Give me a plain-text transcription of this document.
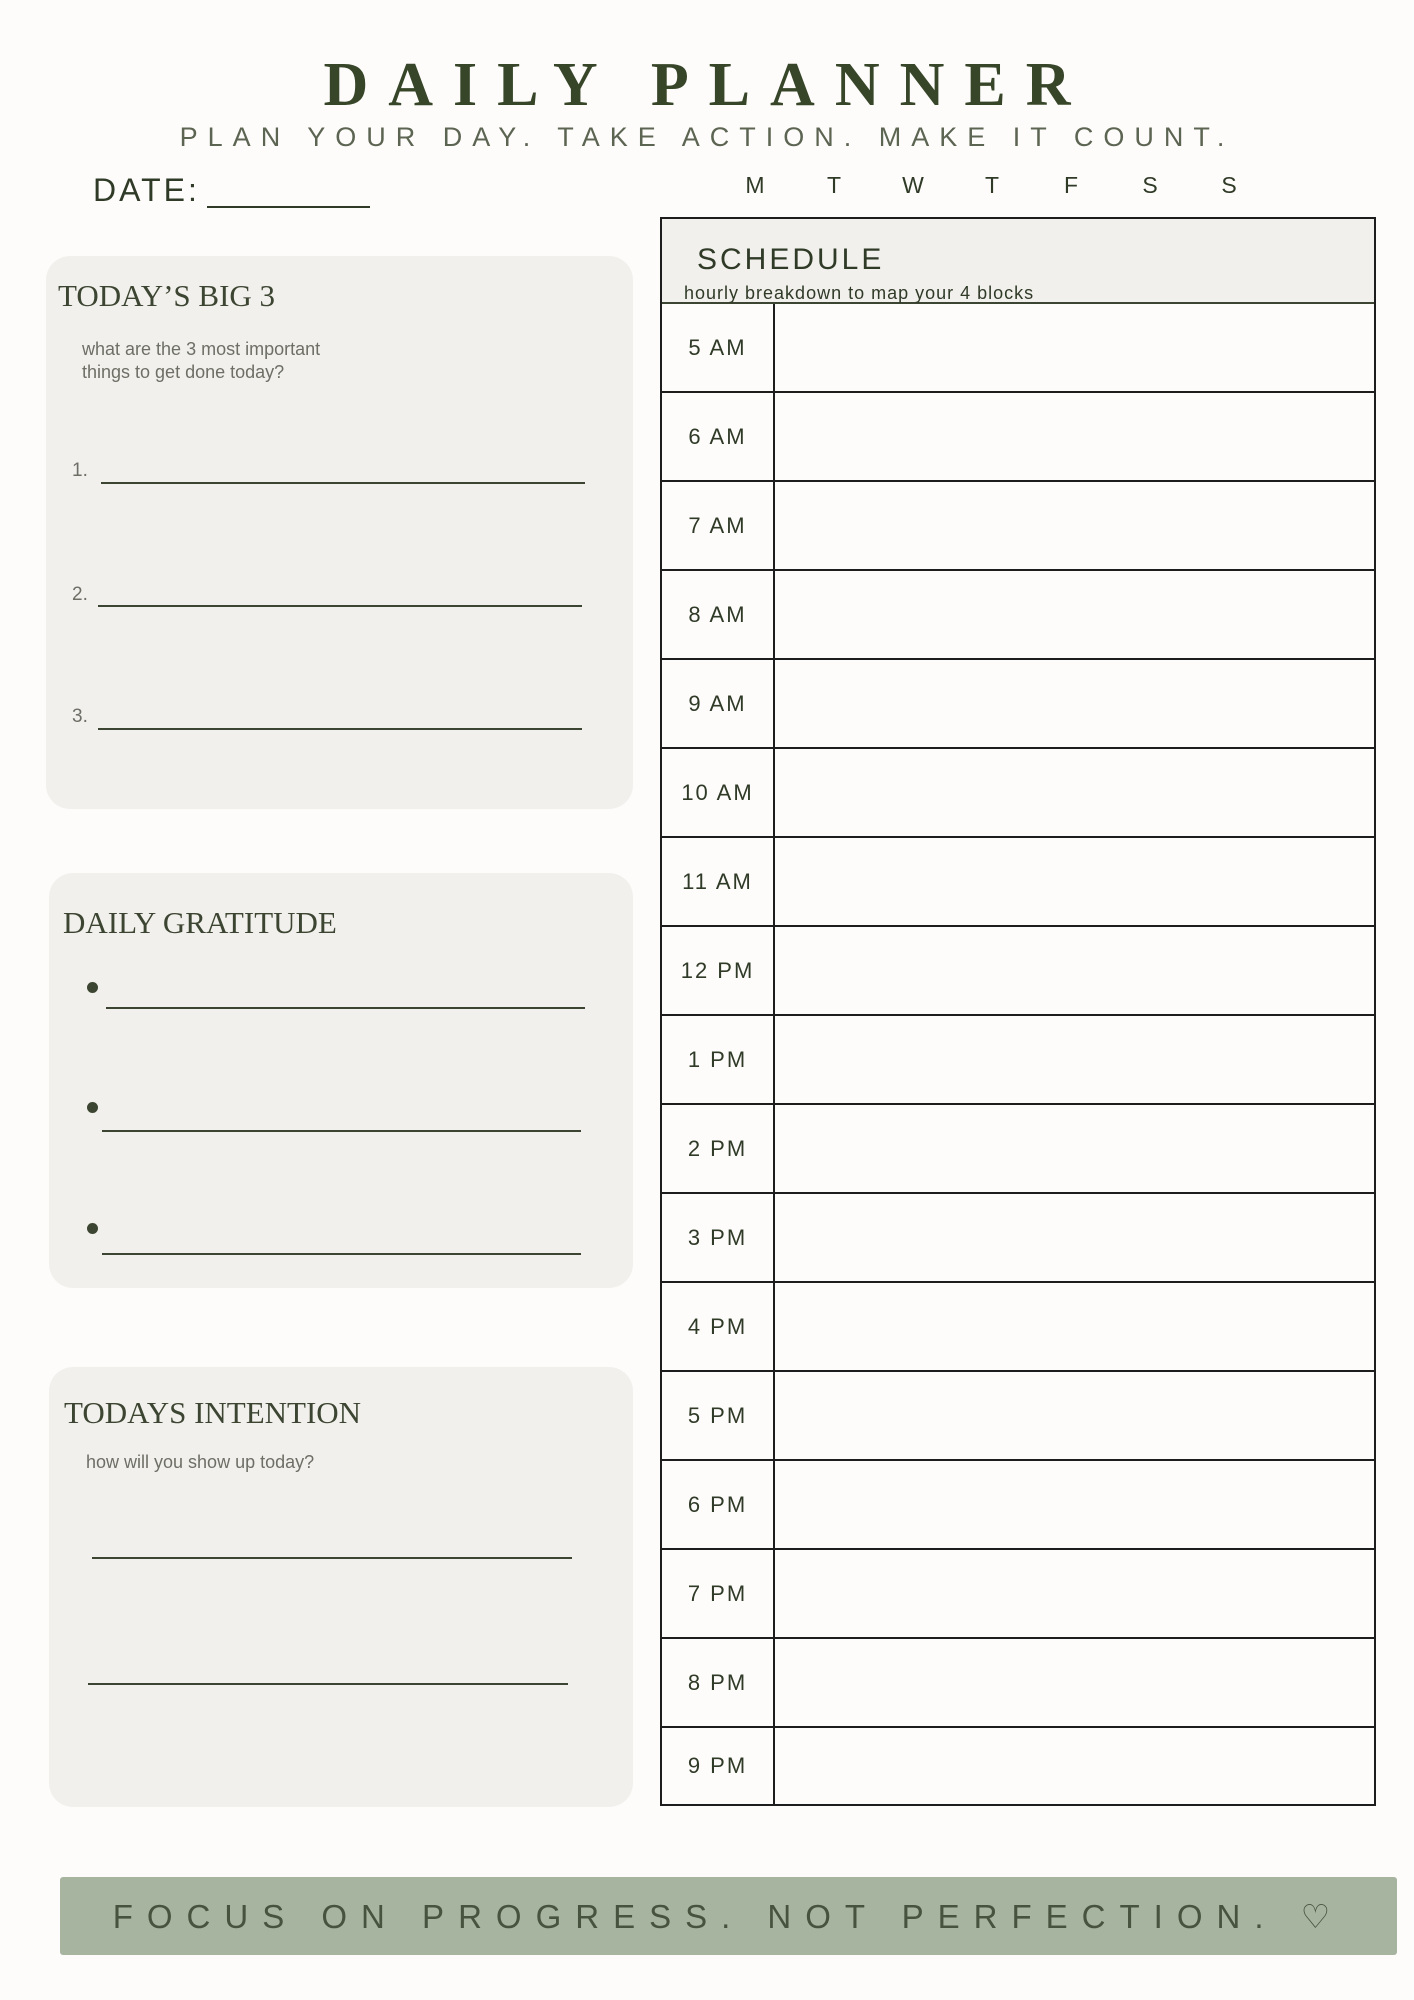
DAILY PLANNER
PLAN YOUR DAY. TAKE ACTION. MAKE IT COUNT.
DATE:	M	T	W	T	F	S	S
TODAY’S BIG 3
what are the 3 most important
things to get done today?
1.
2.
3.
DAILY GRATITUDE
TODAYS INTENTION
how will you show up today?
SCHEDULE
hourly breakdown to map your 4 blocks
5 AM
6 AM
7 AM
8 AM
9 AM
10 AM
11 AM
12 PM
1 PM
2 PM
3 PM
4 PM
5 PM
6 PM
7 PM
8 PM
9 PM
FOCUS ON PROGRESS. NOT PERFECTION. ♡
